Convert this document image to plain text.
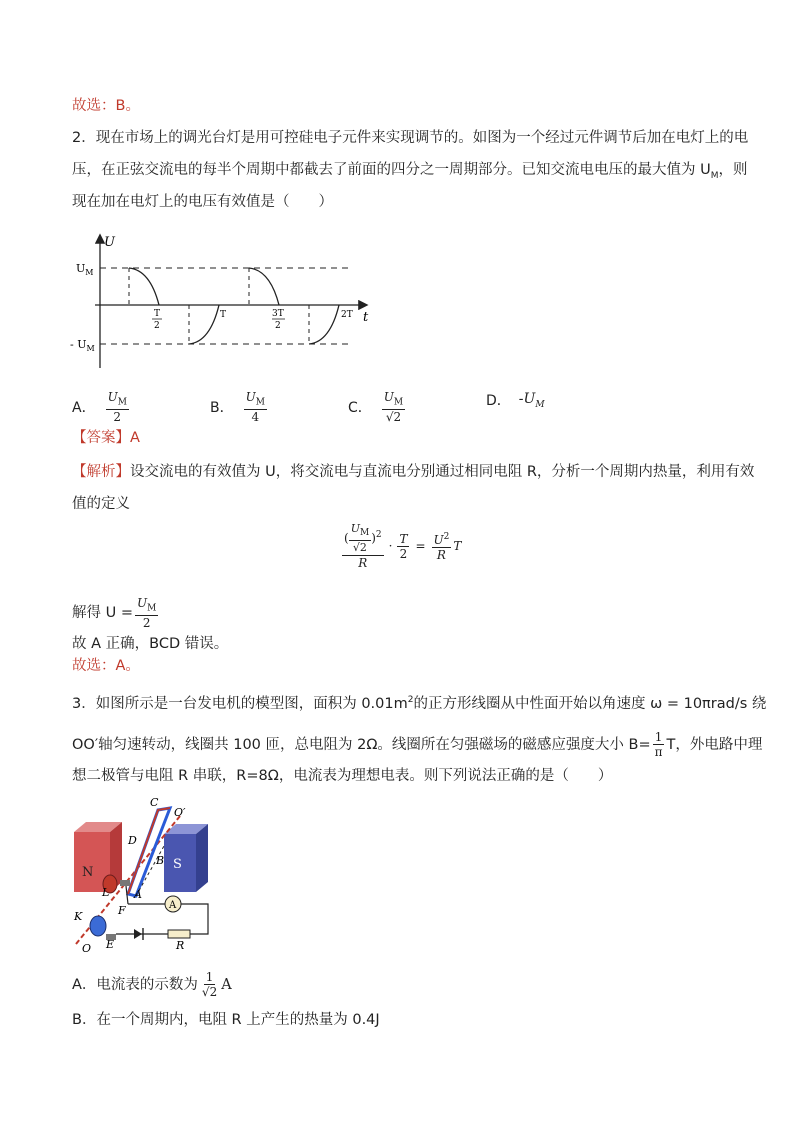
故选：B。
2．现在市场上的调光台灯是用可控硅电子元件来实现调节的。如图为一个经过元件调节后加在电灯上的电
压，在正弦交流电的每半个周期中都截去了前面的四分之一周期部分。已知交流电电压的最大值为 $U_M$，则
现在加在电灯上的电压有效值是（　　）
U
t
$U_M$
- $U_M$
T
2
T	3T
2
2T
A． $\frac{U_M}{2}$	B． $\frac{U_M}{4}$	C． $\frac{U_M}{√2}$	D． $-U_M$
【答案】A
【解析】设交流电的有效值为 U，将交流电与直流电分别通过相同电阻 R，分析一个周期内热量，利用有效
值的定义
$\frac{( \frac{U_M}{√2} )^2}{R} \cdot \frac{T}{2} = \frac{U^2}{R}$ T
解得 $U = \frac{U_M}{2}$
故 A 正确，BCD 错误。
故选：A。
3．如图所示是一台发电机的模型图，面积为 $0.01m^2$的正方形线圈从中性面开始以角速度 ω = 10πrad/s 绕
OO′轴匀速转动，线圈共 100 匝，总电阻为 2Ω。线圈所在匀强磁场的磁感应强度大小 $B= \frac{1}{\pi}$ T，外电路中理
想二极管与电阻 R 串联，R=8Ω，电流表为理想电表。则下列说法正确的是（　　）
N
S
A
C
O′
D
B
L A
F
K
O E	R
A．电流表的示数为 $\frac{1}{√2}$ A
B．在一个周期内，电阻 R 上产生的热量为 0.4J
